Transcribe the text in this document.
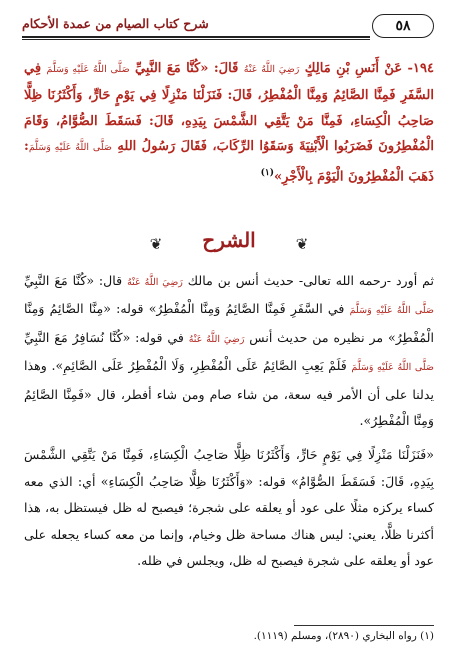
٥٨
شرح كتاب الصيام من عمدة الأحكام

١٩٤- عَنْ أَنَسِ بْنِ مَالِكٍ رَضِيَ اللَّهُ عَنْهُ قَالَ: «كُنَّا مَعَ النَّبِيِّ صَلَّى اللَّهُ عَلَيْهِ وَسَلَّمَ فِي السَّفَرِ فَمِنَّا الصَّائِمُ وَمِنَّا الْمُفْطِرُ، قَالَ: فَنَزَلْنَا مَنْزِلًا فِي يَوْمٍ حَارٍّ، وَأَكْثَرُنَا ظِلًّا صَاحِبُ الْكِسَاءِ، فَمِنَّا مَنْ يَتَّقِي الشَّمْسَ بِيَدِهِ، قَالَ: فَسَقَطَ الصُّوَّامُ، وَقَامَ الْمُفْطِرُونَ فَضَرَبُوا الْأَبْنِيَةَ وَسَقَوُا الرِّكَابَ، فَقَالَ رَسُولُ اللهِ صَلَّى اللَّهُ عَلَيْهِ وَسَلَّمَ: ذَهَبَ الْمُفْطِرُونَ الْيَوْمَ بِالْأَجْرِ»$^{(١)}$

❦
الشرح
❦

ثم أورد -رحمه الله تعالى- حديث أنس بن مالك رَضِيَ اللَّهُ عَنْهُ قال: «كُنَّا مَعَ النَّبِيِّ صَلَّى اللَّهُ عَلَيْهِ وَسَلَّمَ في السَّفَرِ فَمِنَّا الصَّائِمُ وَمِنَّا الْمُفْطِرُ» قوله: «مِنَّا الصَّائِمُ وَمِنَّا الْمُفْطِرُ» مر نظيره من حديث أنس رَضِيَ اللَّهُ عَنْهُ في قوله: «كُنَّا نُسَافِرُ مَعَ النَّبِيِّ صَلَّى اللَّهُ عَلَيْهِ وَسَلَّمَ فَلَمْ يَعِبِ الصَّائِمُ عَلَى الْمُفْطِرِ، وَلَا الْمُفْطِرُ عَلَى الصَّائِمِ». وهذا يدلنا على أن الأمر فيه سعة، من شاء صام ومن شاء أفطر، قال «فَمِنَّا الصَّائِمُ وَمِنَّا الْمُفْطِرُ».

«فَنَزَلْنَا مَنْزِلًا فِي يَوْمٍ حَارٍّ، وَأَكْثَرُنَا ظِلًّا صَاحِبُ الْكِسَاءِ، فَمِنَّا مَنْ يَتَّقِي الشَّمْسَ بِيَدِهِ، قَالَ: فَسَقَطَ الصُّوَّامُ» قوله: «وَأَكْثَرُنَا ظِلًّا صَاحِبُ الْكِسَاءِ» أي: الذي معه كساء يركزه مثلًا على عود أو يعلقه على شجرة؛ فيصبح له ظل فيستظل به، هذا أكثرنا ظلًّا، يعني: ليس هناك مساحة ظل وخيام، وإنما من معه كساء يجعله على عود أو يعلقه على شجرة فيصبح له ظل، ويجلس في ظله.

(١) رواه البخاري (٢٨٩٠)، ومسلم (١١١٩).
